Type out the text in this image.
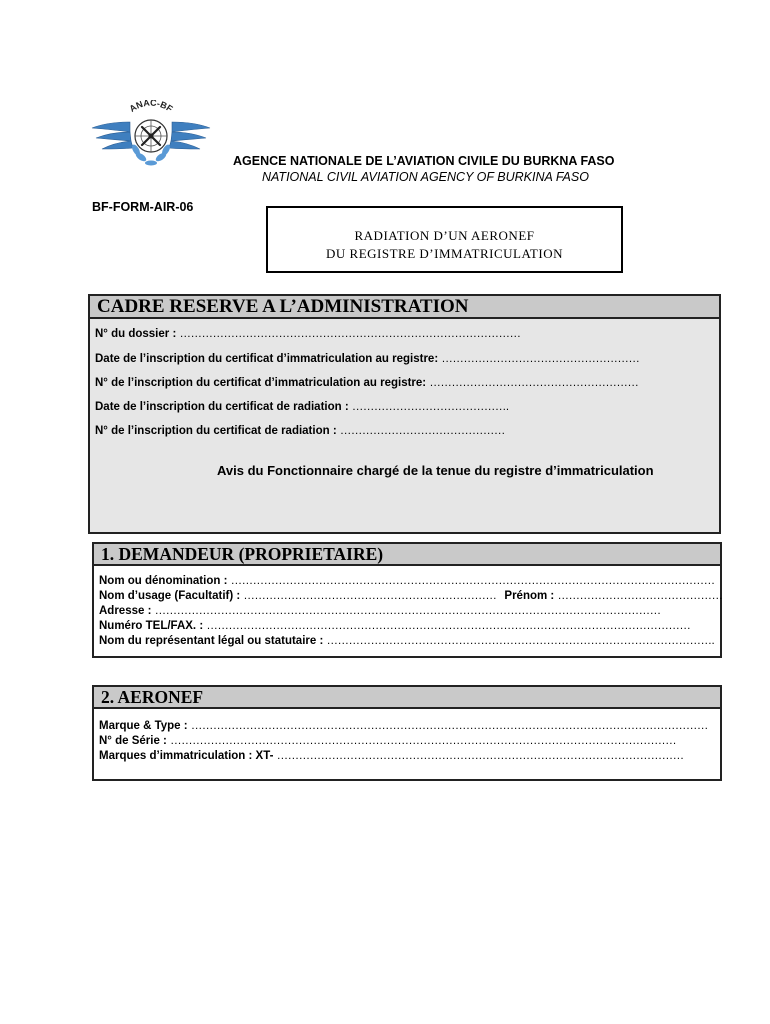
ANAC-BF
AGENCE NATIONALE DE L’AVIATION CIVILE DU BURKNA FASO
NATIONAL CIVIL AVIATION AGENCY OF BURKINA FASO
BF-FORM-AIR-06
RADIATION D’UN AERONEF
DU REGISTRE D’IMMATRICULATION
CADRE RESERVE A L’ADMINISTRATION
N° du dossier : …………………………………………………………………………………
Date de l’inscription du certificat d’immatriculation au registre: ………………………………………………
N° de l’inscription du certificat d’immatriculation au registre: …………………………………………………
Date de l’inscription du certificat de radiation : …………………………………….
N° de l’inscription du certificat de radiation : ………………………………………
Avis du Fonctionnaire chargé de la tenue du registre d’immatriculation
1. DEMANDEUR (PROPRIETAIRE)
Nom ou dénomination : ……………………………………………………………………………………………………………………
Nom d’usage (Facultatif) : …………………………………………………………… Prénom : ………………………………………
Adresse : …………………………………………………………………………………………………………………………
Numéro TEL/FAX. : ……………………………………………………………………………………………………………………
Nom du représentant légal ou statutaire : …………………………………………………………………………………………….
2. AERONEF
Marque & Type : ……………………………………………………………………………………………………………………………
N° de Série : …………………………………………………………………………………………………………………………
Marques d’immatriculation : XT- …………………………………………………………………………………………………
